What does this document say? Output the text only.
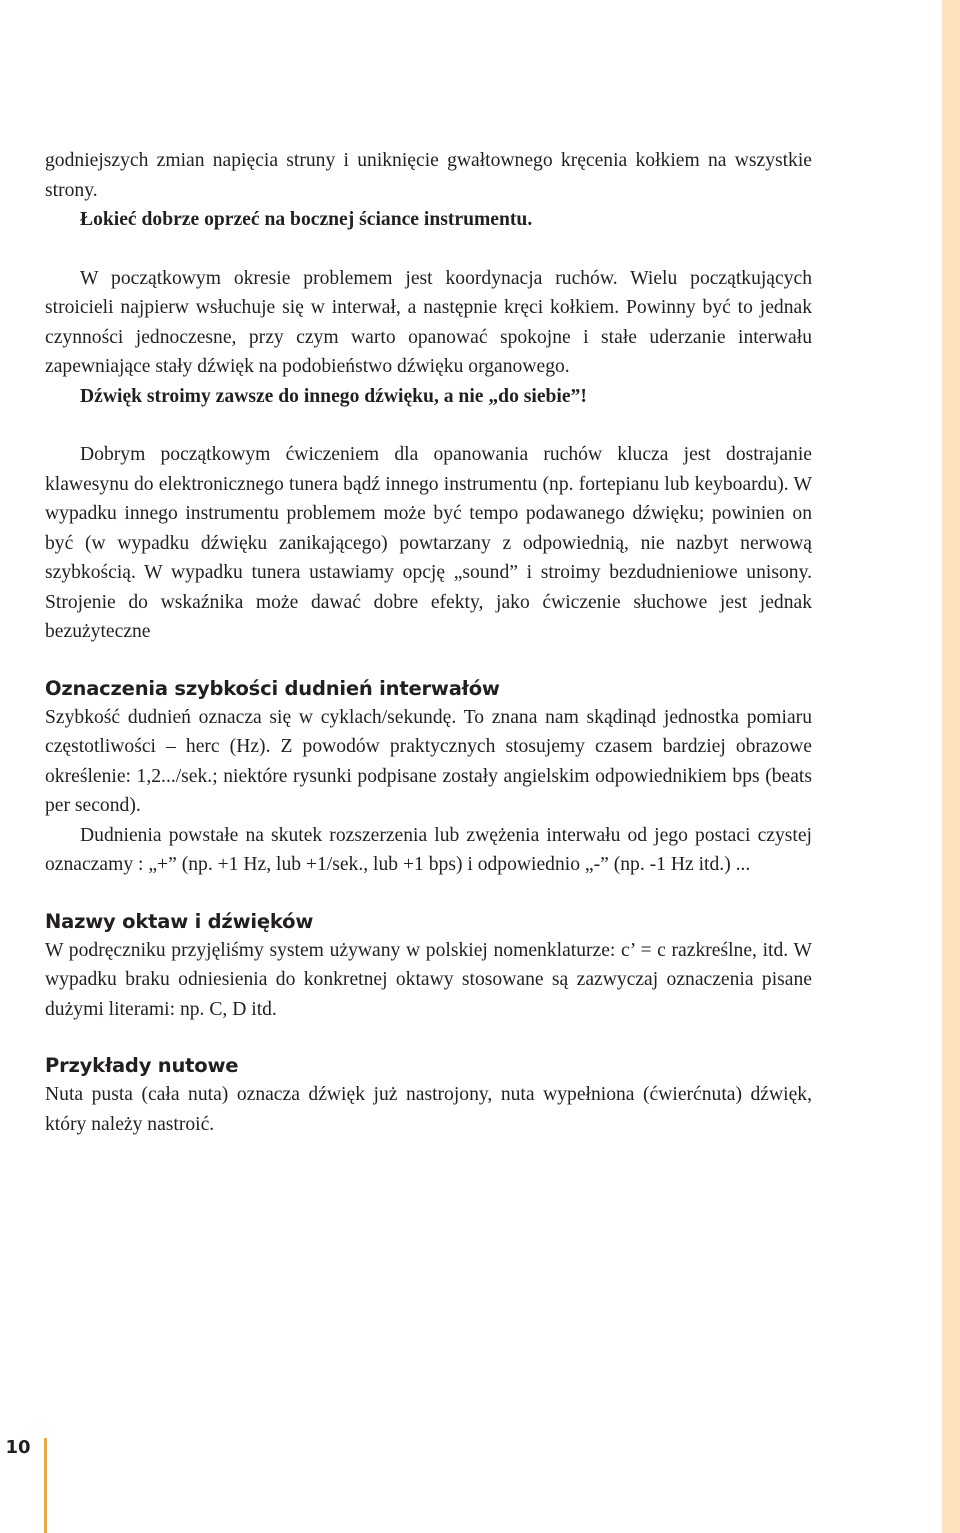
godniejszych zmian napięcia struny i uniknięcie gwałtownego kręcenia kołkiem na wszystkie strony.

Łokieć dobrze oprzeć na bocznej ściance instrumentu.

W początkowym okresie problemem jest koordynacja ruchów. Wielu początkujących stroicieli najpierw wsłuchuje się w interwał, a następnie kręci kołkiem. Powinny być to jednak czynności jednoczesne, przy czym warto opanować spokojne i stałe uderzanie interwału zapewniające stały dźwięk na podobieństwo dźwięku organowego.

Dźwięk stroimy zawsze do innego dźwięku, a nie „do siebie”!

Dobrym początkowym ćwiczeniem dla opanowania ruchów klucza jest dostrajanie klawesynu do elektronicznego tunera bądź innego instrumentu (np. fortepianu lub keyboardu). W wypadku innego instrumentu problemem może być tempo podawanego dźwięku; powinien on być (w wypadku dźwięku zanikającego) powtarzany z odpowiednią, nie nazbyt nerwową szybkością. W wypadku tunera ustawiamy opcję „sound” i stroimy bezdudnieniowe unisony. Strojenie do wskaźnika może dawać dobre efekty, jako ćwiczenie słuchowe jest jednak bezużyteczne

Oznaczenia szybkości dudnień interwałów

Szybkość dudnień oznacza się w cyklach/sekundę. To znana nam skądinąd jednostka pomiaru częstotliwości – herc (Hz). Z powodów praktycznych stosujemy czasem bardziej obrazowe określenie: 1,2.../sek.; niektóre rysunki podpisane zostały angielskim odpowiednikiem bps (beats per second).

Dudnienia powstałe na skutek rozszerzenia lub zwężenia interwału od jego postaci czystej oznaczamy : „+” (np. +1 Hz, lub +1/sek., lub +1 bps) i odpowiednio „-” (np. -1 Hz itd.) ...

Nazwy oktaw i dźwięków

W podręczniku przyjęliśmy system używany w polskiej nomenklaturze: c’ = c razkreślne, itd. W wypadku braku odniesienia do konkretnej oktawy stosowane są zazwyczaj oznaczenia pisane dużymi literami: np. C, D itd.

Przykłady nutowe

Nuta pusta (cała nuta) oznacza dźwięk już nastrojony, nuta wypełniona (ćwierćnuta) dźwięk, który należy nastroić.

10
